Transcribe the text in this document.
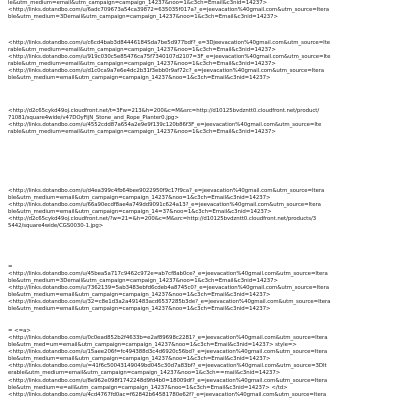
le&utm_medium=email&utm_campaign=campaign_14237&noo=1&c3ch=Email&c3nid=14237>
<http://links.dotandbo.com/u/6adc709673a54ca39872=635035f017a?_e=jeevacation%40gmail.com&utm_source=Itera
ble&utm_medium=3Demail&utm_campaign=campaign_14237&noo=1&c3ch=Email&c3nid=14237>
<http://links.dotandbo.com/u/c6cd4bab3d84446184Sda7be5d977bdf?_e=3Djeevacation%40gmail.com&utm_source=Ite
rable&utm_medium=email&utm_campaign=campaign_14237&noo=1&c3ch=Email&c3nid=14237>
<http://links.dotandbo.com/u/919c030c5e85476ca75f7340107d2107=3F_e=jeevacation%40gmail.com&utm_source=Ite
rable&utm_medium=email&utm_campaign=campaign_14237&noo=1&c3ch=Email&c3nid=14237>
<http://links.dotandbo.com/u/d1c0ca9a7e6e4dc2b31f3ebb0r9af72c?_e=jeevacation%40gmail.com&utm_source=Itera
ble&utm_medium=email&utm_campaign=campaign_14237&noo=1&c3ch=Email&c3nid=14237>
<http://d2c65cykd49oj.cloudfront.net/t=3Fw=213&h=200&c=M&src=http://d10125bvdzntt0.cloudfront.net/product/
71081/square4wide/v47DOyFijN_Stone_and_Rope_Planter0.jpg>
<http://links.dotandbo.com/u/4552cdd87a654a2e9e9f139c120b86f3F_e=jeevacation%40gmail.com&utm_source=Ite
rable&utm_medium=email&utm_campaign=campaign_14237&noo=1&c3ch=Email&c3nid=14237>
<http://links.dotandbo.com/u/d4ea399c4fb64bee9022950f9c17f9ca?_e=jeevacation%40gmail.com&utm_source=Itera
ble&utm_medium=email&utm_campaign=campaign_14237&noo=1&c3ch=Email&c3nid=14237>
<http://links.dotandbo.com/u/66a90ecdf8ae4a749dd9091c624a13?_e=jeevacation%40gmail.com&utm_source=Itera
ble&utm_medium=email&utm_campaign=campaign_14=37&noo=1&c3ch=Email&c3nid=14237>
<http://d2c65cykd49oj.cloudfront.net/?w=21=&h=200&c=M&src=http://d10125bvdzntt0.cloudfront.net/products/3
5442/square4wide/CGS0030-1.jpg>
=
<http://links.dotandbo.com/u/45bea5a717c9462c972e=ab7cf8ab0ce?_e=jeevacation%40gmail.com&utm_source=Itera
ble&utm_medium=3Demail&utm_campaign=campaign_14237&noo=1&c3ch=Email&c3nid=14237>
<http://links.dotandbo.com/u/7362139=5ab3483ebfd6cdeb4a8745c0?_e=jeevacation%40gmail.com&utm_source=Itera
ble&utm_medium=email&utm_campaign=campaign_14237&noo=1&c3ch=Email&c3nid=14237>
<http://links.dotandbo.com/u/32=c8e1d3a2a491483acd6537285b3de?_e=jeevacation%40gmail.com&utm_source=Itera
ble&utm_medium=email&utm_campaign=campaign_14237&noo=1&c3ch=Email&c3nid=14237>
= <=a>
<http://links.dotandbo.com/u/0c0ead852b2f4633b=e2af89698c2281?_e=jeevacation%40gmail.com&utm_source=Itera
ble&utm_med=um=email&utm_campaign=campaign_14237&noo=1&c3ch=Email&c3nid=14237> style=>
<http://links.dotandbo.com/u/15aee206f=fc494388d3c4d6920c56bd?_e=jeevacation%40gmail.com&utm_source=Itera
ble&utm_medium=email&utm_campaign=campaign_14237&noo=1&c3ch=Email&c3nid=14237>
<http://links.dotandbo.com/u/=41f6c50043149049bd045c30d7a83bf?_e=jeevacation%40gmail.com&utm_source=3DIt
erable&utm_medium=email&utm_campaign=campaign_14237&noo=1&c3ch==mail&c3nid=14237>
<http://links.dotandbo.com/u/8e962e098f1742248d9fd4b0=18009df?_e=jeevacation%40gmail.com&utm_source=Itera
ble&utm_medium=e=ail&utm_campaign=campaign_14237&noo=1&c3ch=Email&c3nid=14237> </td>
<http://links.dotandbo.com/u/4cd4767fd0ac=f62842b64581780e62f?_e=jeevacation%40gmail.com&utm_source=Itera
